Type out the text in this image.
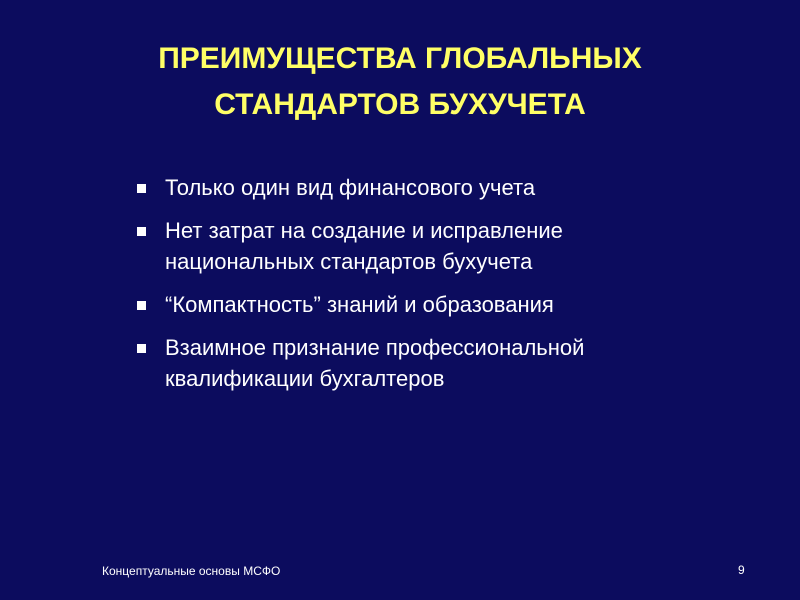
ПРЕИМУЩЕСТВА ГЛОБАЛЬНЫХ
СТАНДАРТОВ БУХУЧЕТА
Только один вид финансового учета
Нет затрат на создание и исправление
национальных стандартов бухучета
“Компактность” знаний и образования
Взаимное признание профессиональной
квалификации бухгалтеров
Концептуальные основы МСФО	9
